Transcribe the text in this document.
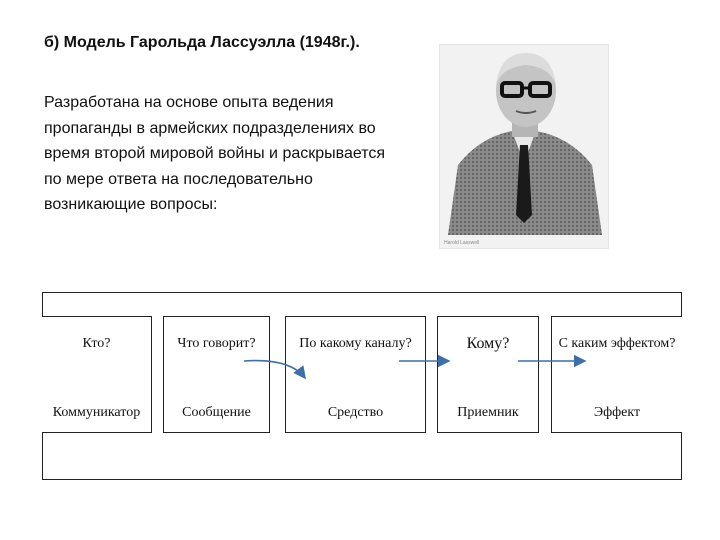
б) Модель Гарольда Лассуэлла (1948г.).

Разработана на основе опыта ведения пропаганды в армейских подразделениях во время второй мировой войны и раскрывается по мере ответа на последовательно возникающие вопросы:

Harold Lasswell
Кто?
Коммуникатор
Что говорит?
Сообщение
По какому каналу?
Средство
Кому?
Приемник
С каким эффектом?
Эффект
